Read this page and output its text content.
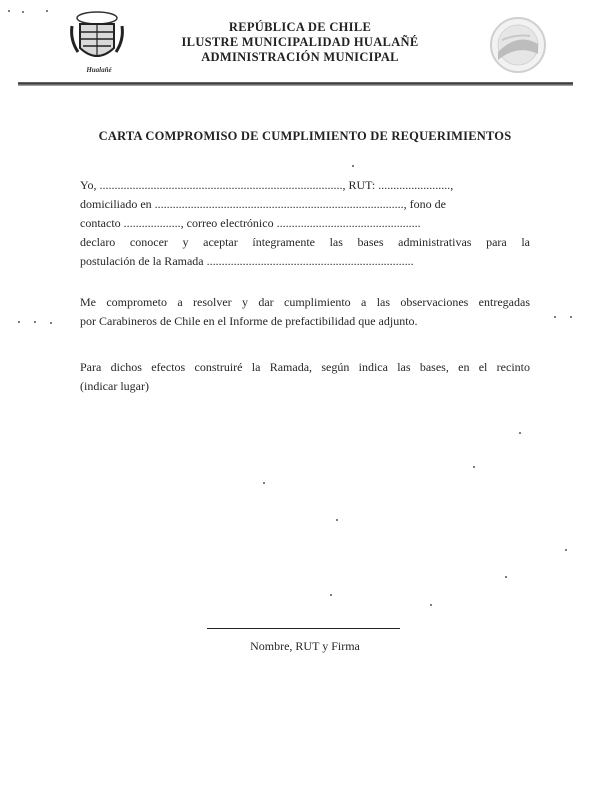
Hualañé
REPÚBLICA DE CHILE
ILUSTRE MUNICIPALIDAD HUALAÑÉ
ADMINISTRACIÓN MUNICIPAL
CARTA COMPROMISO DE CUMPLIMIENTO DE REQUERIMIENTOS
Yo, ................................................................................., RUT: ........................,
domiciliado en ..................................................................................., fono de
contacto ..................., correo electrónico ................................................
declaro conocer y aceptar íntegramente las bases administrativas para la
postulación de la Ramada .....................................................................
Me comprometo a resolver y dar cumplimiento a las observaciones entregadas
por Carabineros de Chile en el Informe de prefactibilidad que adjunto.
Para dichos efectos construiré la Ramada, según indica las bases, en el recinto
(indicar lugar)
Nombre, RUT y Firma
